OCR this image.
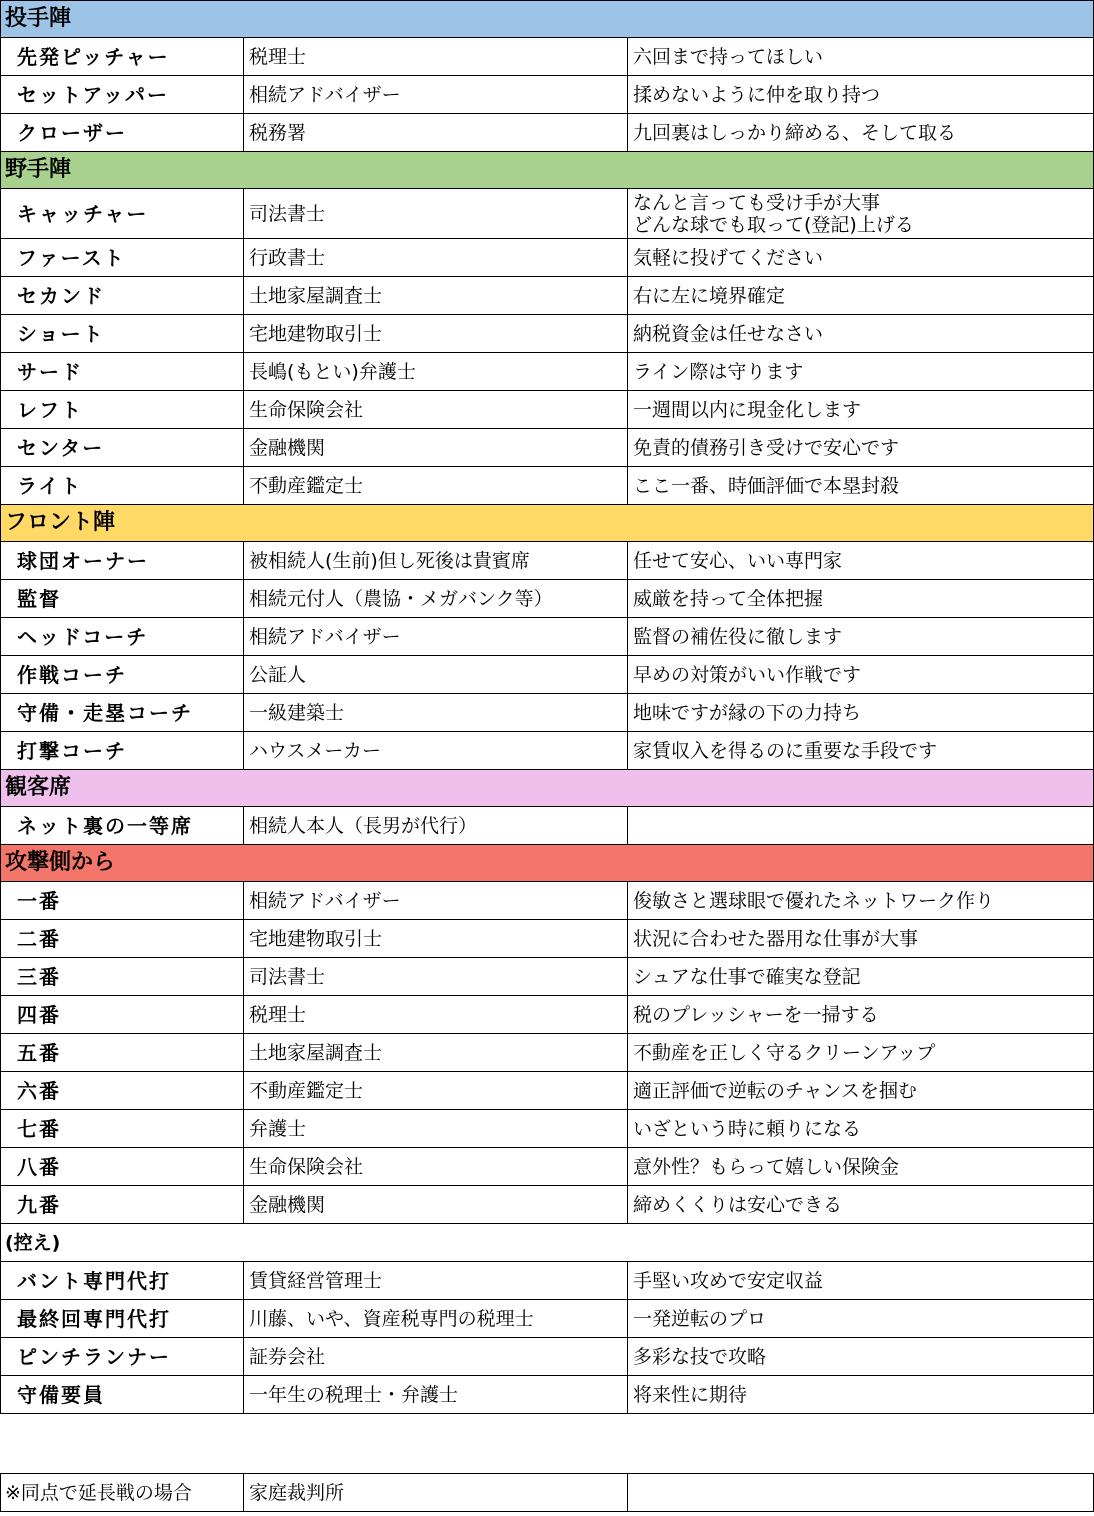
投手陣		
先発ピッチャー	税理士	六回まで持ってほしい
セットアッパー	相続アドバイザー	揉めないように仲を取り持つ
クローザー	税務署	九回裏はしっかり締める、そして取る
野手陣		
キャッチャー	司法書士	なんと言っても受け手が大事
どんな球でも取って(登記)上げる

ファースト	行政書士	気軽に投げてください
セカンド	土地家屋調査士	右に左に境界確定
ショート	宅地建物取引士	納税資金は任せなさい
サード	長嶋(もとい)弁護士	ライン際は守ります
レフト	生命保険会社	一週間以内に現金化します
センター	金融機関	免責的債務引き受けで安心です
ライト	不動産鑑定士	ここ一番、時価評価で本塁封殺
フロント陣		
球団オーナー	被相続人(生前)但し死後は貴賓席	任せて安心、いい専門家
監督	相続元付人（農協・メガバンク等）	威厳を持って全体把握
ヘッドコーチ	相続アドバイザー	監督の補佐役に徹します
作戦コーチ	公証人	早めの対策がいい作戦です
守備・走塁コーチ	一級建築士	地味ですが縁の下の力持ち
打撃コーチ	ハウスメーカー	家賃収入を得るのに重要な手段です
観客席		
ネット裏の一等席	相続人本人（長男が代行）	
攻撃側から		
一番	相続アドバイザー	俊敏さと選球眼で優れたネットワーク作り
二番	宅地建物取引士	状況に合わせた器用な仕事が大事
三番	司法書士	シュアな仕事で確実な登記
四番	税理士	税のプレッシャーを一掃する
五番	土地家屋調査士	不動産を正しく守るクリーンアップ
六番	不動産鑑定士	適正評価で逆転のチャンスを掴む
七番	弁護士	いざという時に頼りになる
八番	生命保険会社	意外性？もらって嬉しい保険金
九番	金融機関	締めくくりは安心できる
(控え)		
バント専門代打	賃貸経営管理士	手堅い攻めで安定収益
最終回専門代打	川藤、いや、資産税専門の税理士	一発逆転のプロ
ピンチランナー	証券会社	多彩な技で攻略
守備要員	一年生の税理士・弁護士	将来性に期待
※同点で延長戦の場合	家庭裁判所	
